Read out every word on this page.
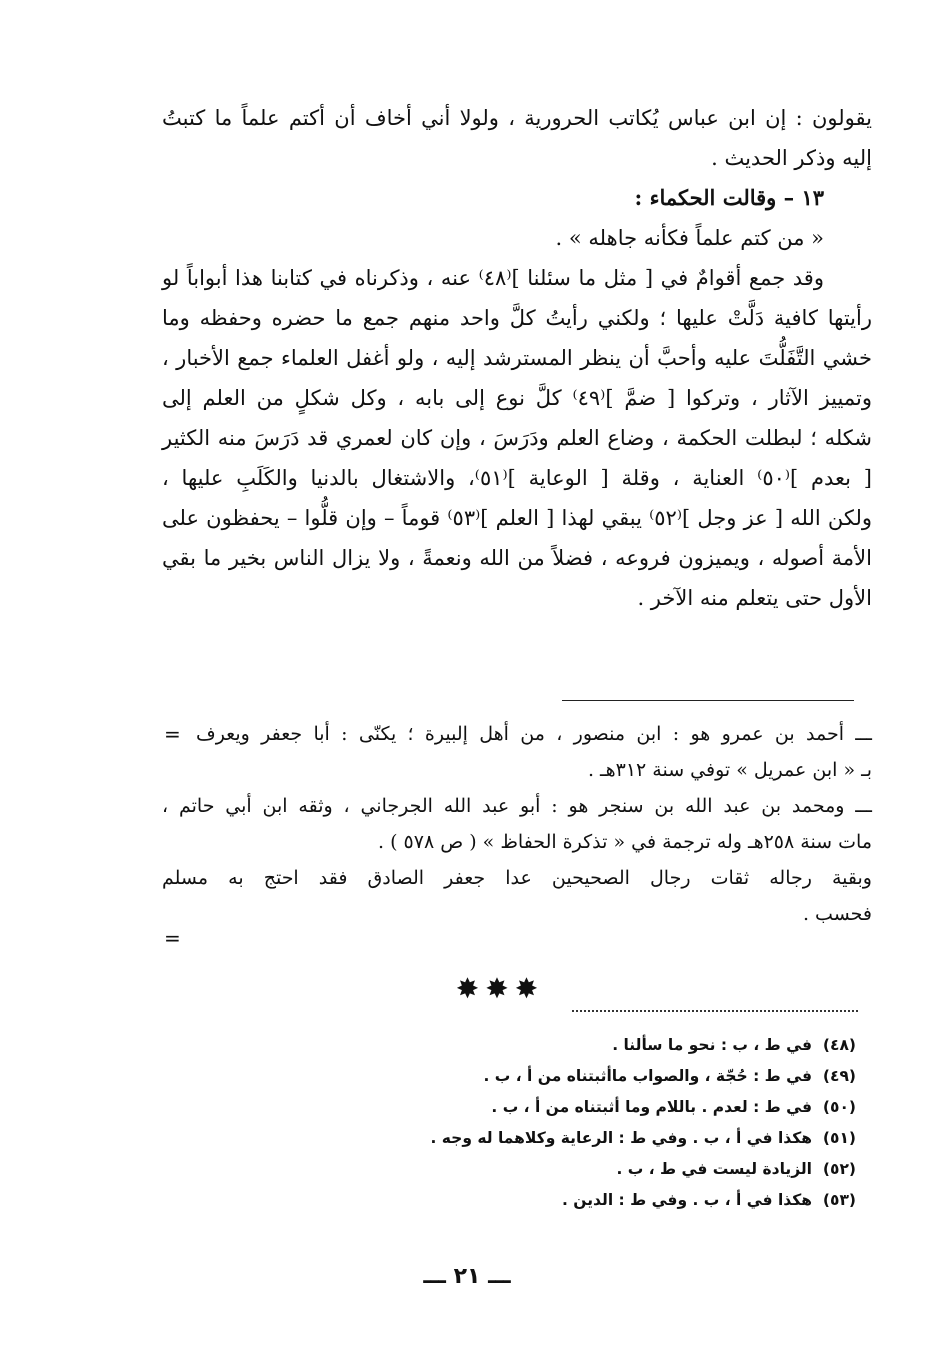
يقولون : إن ابن عباس يُكاتب الحرورية ، ولولا أني أخاف أن أكتم علماً ما كتبتُ
إليه وذكر الحديث .
١٣ – وقالت الحكماء :
« من كتم علماً فكأنه جاهله » .
وقد جمع أقوامٌ في [ مثل ما سئلنا ]⁽٤٨⁾ عنه ، وذكرناه في كتابنا هذا أبواباً لو
رأيتها كافية دَلَّتْ عليها ؛ ولكني رأيتُ كلَّ واحد منهم جمع ما حضره وحفظه وما
خشي التَّفَلُّتَ عليه وأحبَّ أن ينظر المسترشد إليه ، ولو أغفل العلماء جمع الأخبار ،
وتمييز الآثار ، وتركوا [ ضمَّ ]⁽٤٩⁾ كلَّ نوع إلى بابه ، وكل شكلٍ من العلم إلى
شكله ؛ لبطلت الحكمة ، وضاع العلم ودَرَسَ ، وإن كان لعمري قد دَرَسَ منه الكثير
[ بعدم ]⁽٥٠⁾ العناية ، وقلة [ الوعاية ]⁽٥١⁾، والاشتغال بالدنيا والكَلَبِ عليها ،
ولكن الله [ عز وجل ]⁽٥٢⁾ يبقي لهذا [ العلم ]⁽٥٣⁾ قوماً – وإن قلُّوا – يحفظون على
الأمة أصوله ، ويميزون فروعه ، فضلاً من الله ونعمةً ، ولا يزال الناس بخير ما بقي
الأول حتى يتعلم منه الآخر .
= ـــ أحمد بن عمرو هو : ابن منصور ، من أهل إلبيرة ؛ يكنّى : أبا جعفر ويعرف
بـ « ابن عمريل » توفي سنة ٣١٢هـ .
ـــ ومحمد بن عبد الله بن سنجر هو : أبو عبد الله الجرجاني ، وثقه ابن أبي حاتم ،
مات سنة ٢٥٨هـ وله ترجمة في « تذكرة الحفاظ » ( ص ٥٧٨ ) .
وبقية رجاله ثقات رجال الصحيحين عدا جعفر الصادق فقد احتج به مسلم
فحسب .
=
✸✸✸
(٤٨)في ط ، ب : نحو ما سألنا .
(٤٩)في ط : حُجّة ، والصواب ماأثبتناه من أ ، ب .
(٥٠)في ط : لعدم . باللام وما أثبتناه من أ ، ب .
(٥١)هكذا في أ ، ب . وفي ط : الرعاية وكلاهما له وجه .
(٥٢)الزيادة ليست في ط ، ب .
(٥٣)هكذا في أ ، ب . وفي ط : الدين .
ـــ ٢١ ـــ
